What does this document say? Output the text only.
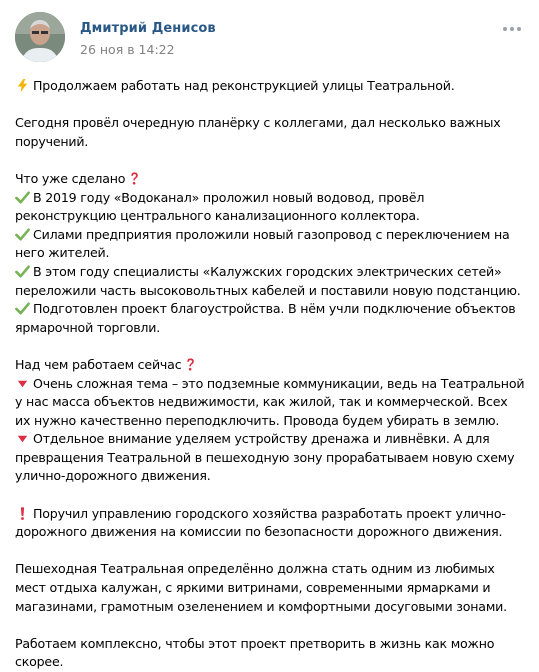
Дмитрий Денисов
26 ноя в 14:22

Продолжаем работать над реконструкцией улицы Театральной.

Сегодня провёл очередную планёрку с коллегами, дал несколько важных поручений.

Что уже сделано

В 2019 году «Водоканал» проложил новый водовод, провёл реконструкцию центрального канализационного коллектора.

Силами предприятия проложили новый газопровод с переключением на него жителей.

В этом году специалисты «Калужских городских электрических сетей» переложили часть высоковольтных кабелей и поставили новую подстанцию.

Подготовлен проект благоустройства. В нём учли подключение объектов ярмарочной торговли.

Над чем работаем сейчас

Очень сложная тема – это подземные коммуникации, ведь на Театральной у нас масса объектов недвижимости, как жилой, так и коммерческой. Всех их нужно качественно переподключить. Провода будем убирать в землю.

Отдельное внимание уделяем устройству дренажа и ливнёвки. А для превращения Театральной в пешеходную зону прорабатываем новую схему улично-дорожного движения.

Поручил управлению городского хозяйства разработать проект улично-дорожного движения на комиссии по безопасности дорожного движения.

Пешеходная Театральная определённо должна стать одним из любимых мест отдыха калужан, с яркими витринами, современными ярмарками и магазинами, грамотным озеленением и комфортными досуговыми зонами.

Работаем комплексно, чтобы этот проект претворить в жизнь как можно скорее.
